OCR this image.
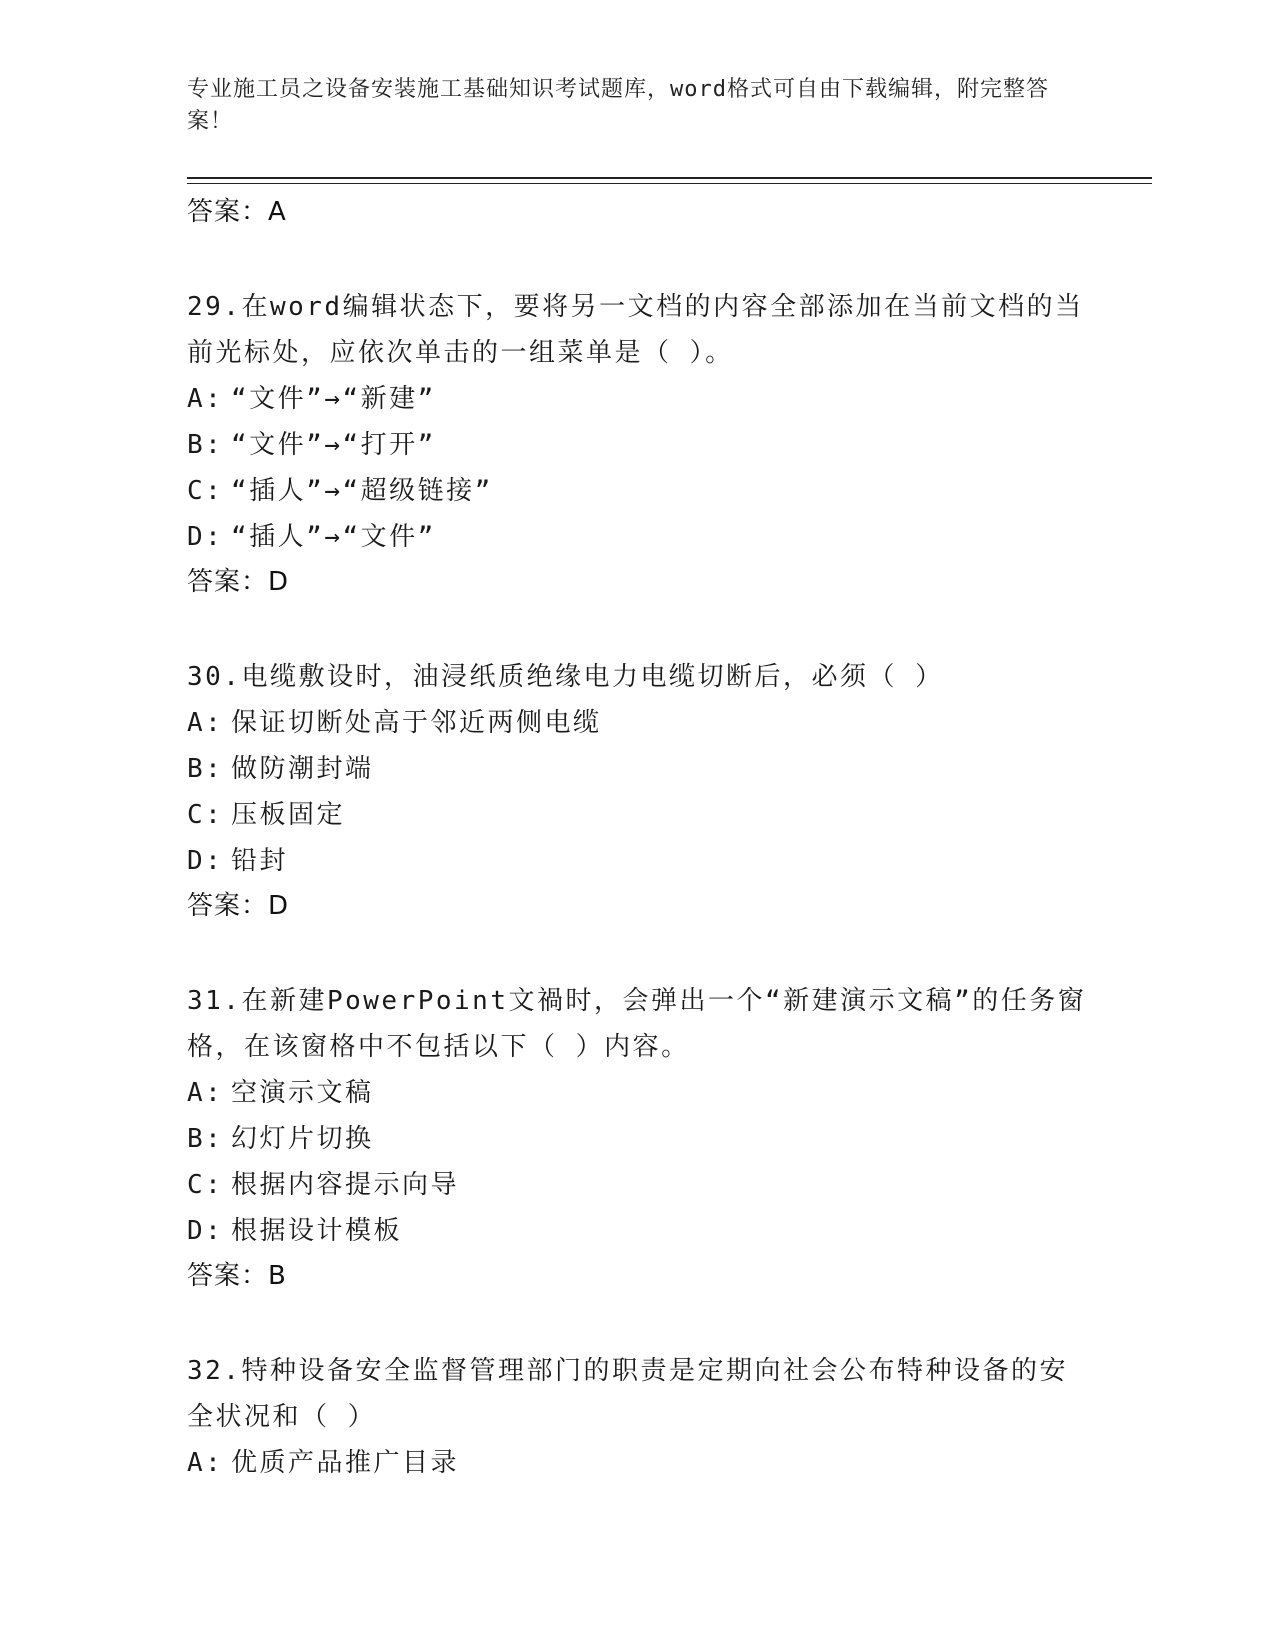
专业施工员之设备安装施工基础知识考试题库，word格式可自由下载编辑，附完整答案！
答案：A
29.在word编辑状态下，要将另一文档的内容全部添加在当前文档的当前光标处，应依次单击的一组菜单是（ ）。
A: “文件”→“新建”
B: “文件”→“打开”
C: “插人”→“超级链接”
D: “插人”→“文件”
答案：D
30.电缆敷设时，油浸纸质绝缘电力电缆切断后，必须（ ）
A: 保证切断处高于邻近两侧电缆
B: 做防潮封端
C: 压板固定
D: 铅封
答案：D
31.在新建PowerPoint文禍时，会弹出一个“新建演示文稿”的任务窗格，在该窗格中不包括以下（ ）内容。
A: 空演示文稿
B: 幻灯片切换
C: 根据内容提示向导
D: 根据设计模板
答案：B
32.特种设备安全监督管理部门的职责是定期向社会公布特种设备的安全状况和（ ）
A: 优质产品推广目录
